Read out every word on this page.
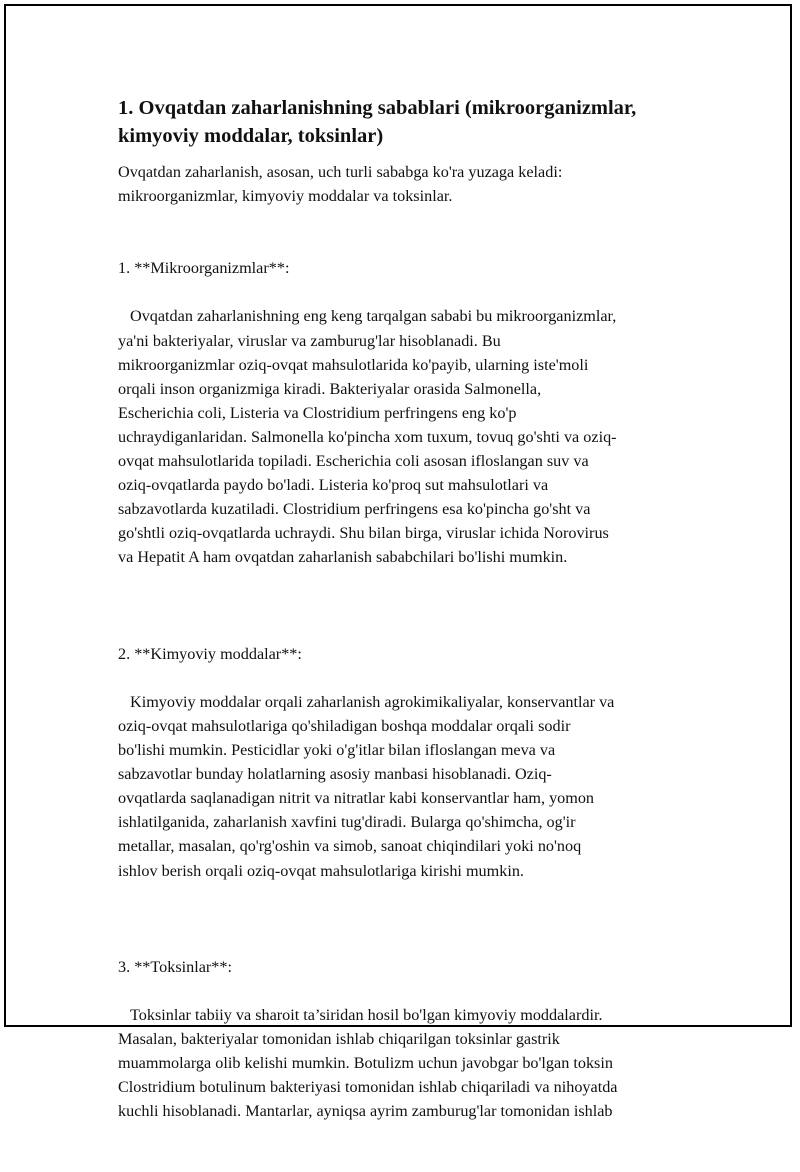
1. Ovqatdan zaharlanishning sabablari (mikroorganizmlar,
kimyoviy moddalar, toksinlar)

Ovqatdan zaharlanish, asosan, uch turli sababga ko'ra yuzaga keladi:
mikroorganizmlar, kimyoviy moddalar va toksinlar.

1. **Mikroorganizmlar**:

Ovqatdan zaharlanishning eng keng tarqalgan sababi bu mikroorganizmlar,
ya'ni bakteriyalar, viruslar va zamburug'lar hisoblanadi. Bu
mikroorganizmlar oziq-ovqat mahsulotlarida ko'payib, ularning iste'moli
orqali inson organizmiga kiradi. Bakteriyalar orasida Salmonella,
Escherichia coli, Listeria va Clostridium perfringens eng ko'p
uchraydiganlaridan. Salmonella ko'pincha xom tuxum, tovuq go'shti va oziq-
ovqat mahsulotlarida topiladi. Escherichia coli asosan ifloslangan suv va
oziq-ovqatlarda paydo bo'ladi. Listeria ko'proq sut mahsulotlari va
sabzavotlarda kuzatiladi. Clostridium perfringens esa ko'pincha go'sht va
go'shtli oziq-ovqatlarda uchraydi. Shu bilan birga, viruslar ichida Norovirus
va Hepatit A ham ovqatdan zaharlanish sababchilari bo'lishi mumkin.

2. **Kimyoviy moddalar**:

Kimyoviy moddalar orqali zaharlanish agrokimikaliyalar, konservantlar va
oziq-ovqat mahsulotlariga qo'shiladigan boshqa moddalar orqali sodir
bo'lishi mumkin. Pesticidlar yoki o'g'itlar bilan ifloslangan meva va
sabzavotlar bunday holatlarning asosiy manbasi hisoblanadi. Oziq-
ovqatlarda saqlanadigan nitrit va nitratlar kabi konservantlar ham, yomon
ishlatilganida, zaharlanish xavfini tug'diradi. Bularga qo'shimcha, og'ir
metallar, masalan, qo'rg'oshin va simob, sanoat chiqindilari yoki no'noq
ishlov berish orqali oziq-ovqat mahsulotlariga kirishi mumkin.

3. **Toksinlar**:

Toksinlar tabiiy va sharoit ta’siridan hosil bo'lgan kimyoviy moddalardir.
Masalan, bakteriyalar tomonidan ishlab chiqarilgan toksinlar gastrik
muammolarga olib kelishi mumkin. Botulizm uchun javobgar bo'lgan toksin
Clostridium botulinum bakteriyasi tomonidan ishlab chiqariladi va nihoyatda
kuchli hisoblanadi. Mantarlar, ayniqsa ayrim zamburug'lar tomonidan ishlab
